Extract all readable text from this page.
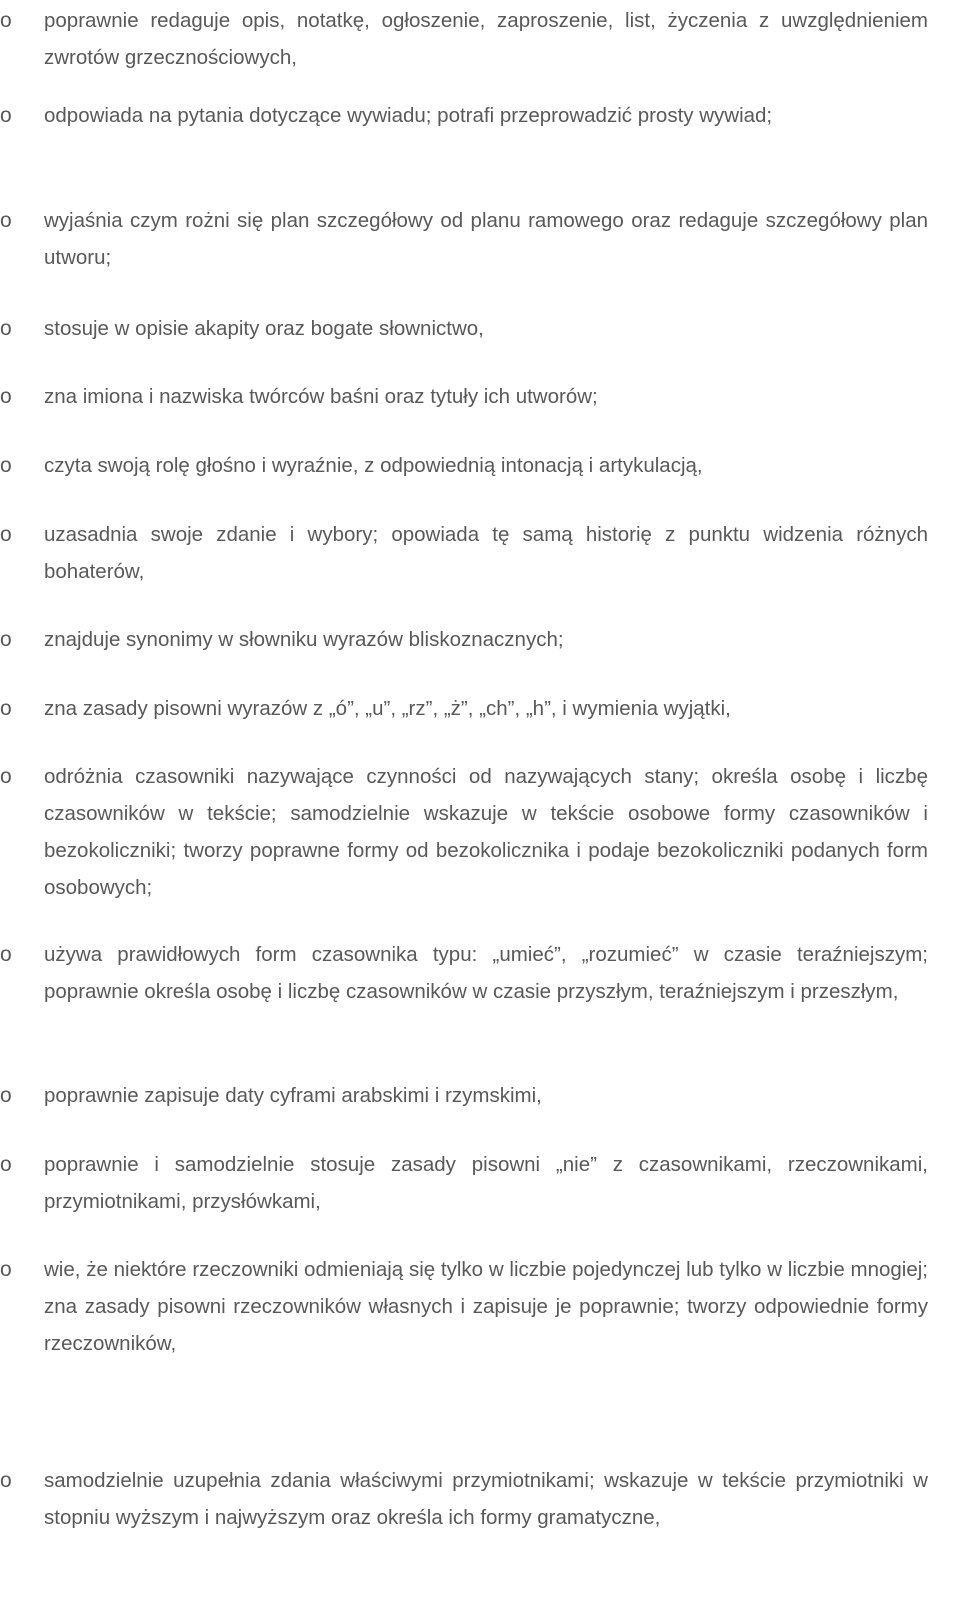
o poprawnie redaguje opis, notatkę, ogłoszenie, zaproszenie, list, życzenia z uwzględnieniem zwrotów grzecznościowych,
o odpowiada na pytania dotyczące wywiadu; potrafi przeprowadzić prosty wywiad;
o wyjaśnia czym rożni się plan szczegółowy od planu ramowego oraz redaguje szczegółowy plan utworu;
o stosuje w opisie akapity oraz bogate słownictwo,
o zna imiona i nazwiska twórców baśni oraz tytuły ich utworów;
o czyta swoją rolę głośno i wyraźnie, z odpowiednią intonacją i artykulacją,
o uzasadnia swoje zdanie i wybory; opowiada tę samą historię z punktu widzenia różnych bohaterów,
o znajduje synonimy w słowniku wyrazów bliskoznacznych;
o zna zasady pisowni wyrazów z „ó”, „u”, „rz”, „ż”, „ch”, „h”, i wymienia wyjątki,
o odróżnia czasowniki nazywające czynności od nazywających stany; określa osobę i liczbę czasowników w tekście; samodzielnie wskazuje w tekście osobowe formy czasowników i bezokoliczniki; tworzy poprawne formy od bezokolicznika i podaje bezokoliczniki podanych form osobowych;
o używa prawidłowych form czasownika typu: „umieć”, „rozumieć” w czasie teraźniejszym; poprawnie określa osobę i liczbę czasowników w czasie przyszłym, teraźniejszym i przeszłym,
o poprawnie zapisuje daty cyframi arabskimi i rzymskimi,
o poprawnie i samodzielnie stosuje zasady pisowni „nie” z czasownikami, rzeczownikami, przymiotnikami, przysłówkami,
o wie, że niektóre rzeczowniki odmieniają się tylko w liczbie pojedynczej lub tylko w liczbie mnogiej; zna zasady pisowni rzeczowników własnych i zapisuje je poprawnie; tworzy odpowiednie formy rzeczowników,
o samodzielnie uzupełnia zdania właściwymi przymiotnikami; wskazuje w tekście przymiotniki w stopniu wyższym i najwyższym oraz określa ich formy gramatyczne,
